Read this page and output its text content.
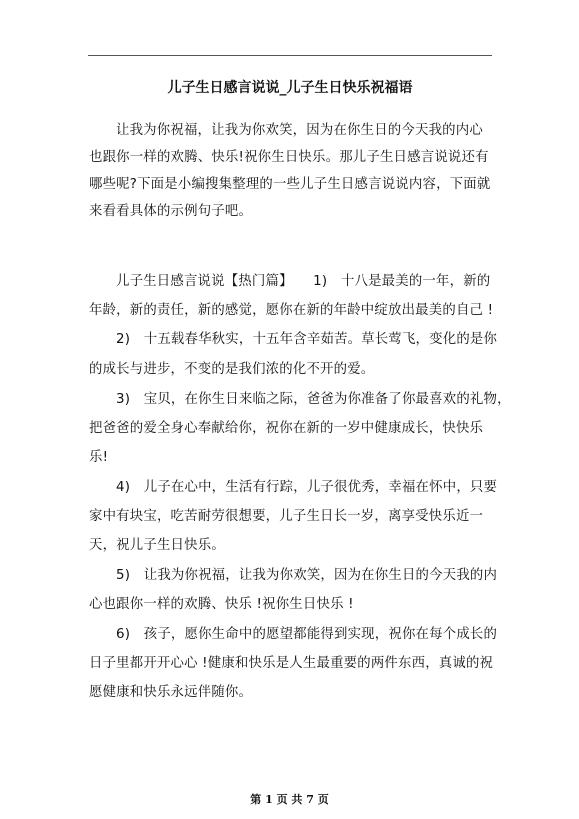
儿子生日感言说说_儿子生日快乐祝福语
让我为你祝福，让我为你欢笑，因为在你生日的今天我的内心
也跟你一样的欢腾、快乐!祝你生日快乐。那儿子生日感言说说还有
哪些呢?下面是小编搜集整理的一些儿子生日感言说说内容，下面就
来看看具体的示例句子吧。
儿子生日感言说说【热门篇】　　1)　十八是最美的一年，新的
年龄，新的责任，新的感觉，愿你在新的年龄中绽放出最美的自己 !
2)　十五载春华秋实，十五年含辛茹苦。草长莺飞，变化的是你
的成长与进步，不变的是我们浓的化不开的爱。
3)　宝贝，在你生日来临之际，爸爸为你准备了你最喜欢的礼物，
把爸爸的爱全身心奉献给你，祝你在新的一岁中健康成长，快快乐
乐!
4)　儿子在心中，生活有行踪，儿子很优秀，幸福在怀中，只要
家中有块宝，吃苦耐劳很想要，儿子生日长一岁，离享受快乐近一
天，祝儿子生日快乐。
5)　让我为你祝福，让我为你欢笑，因为在你生日的今天我的内
心也跟你一样的欢腾、快乐 !祝你生日快乐 !
6)　孩子，愿你生命中的愿望都能得到实现，祝你在每个成长的
日子里都开开心心 !健康和快乐是人生最重要的两件东西，真诚的祝
愿健康和快乐永远伴随你。
第 1 页 共 7 页
